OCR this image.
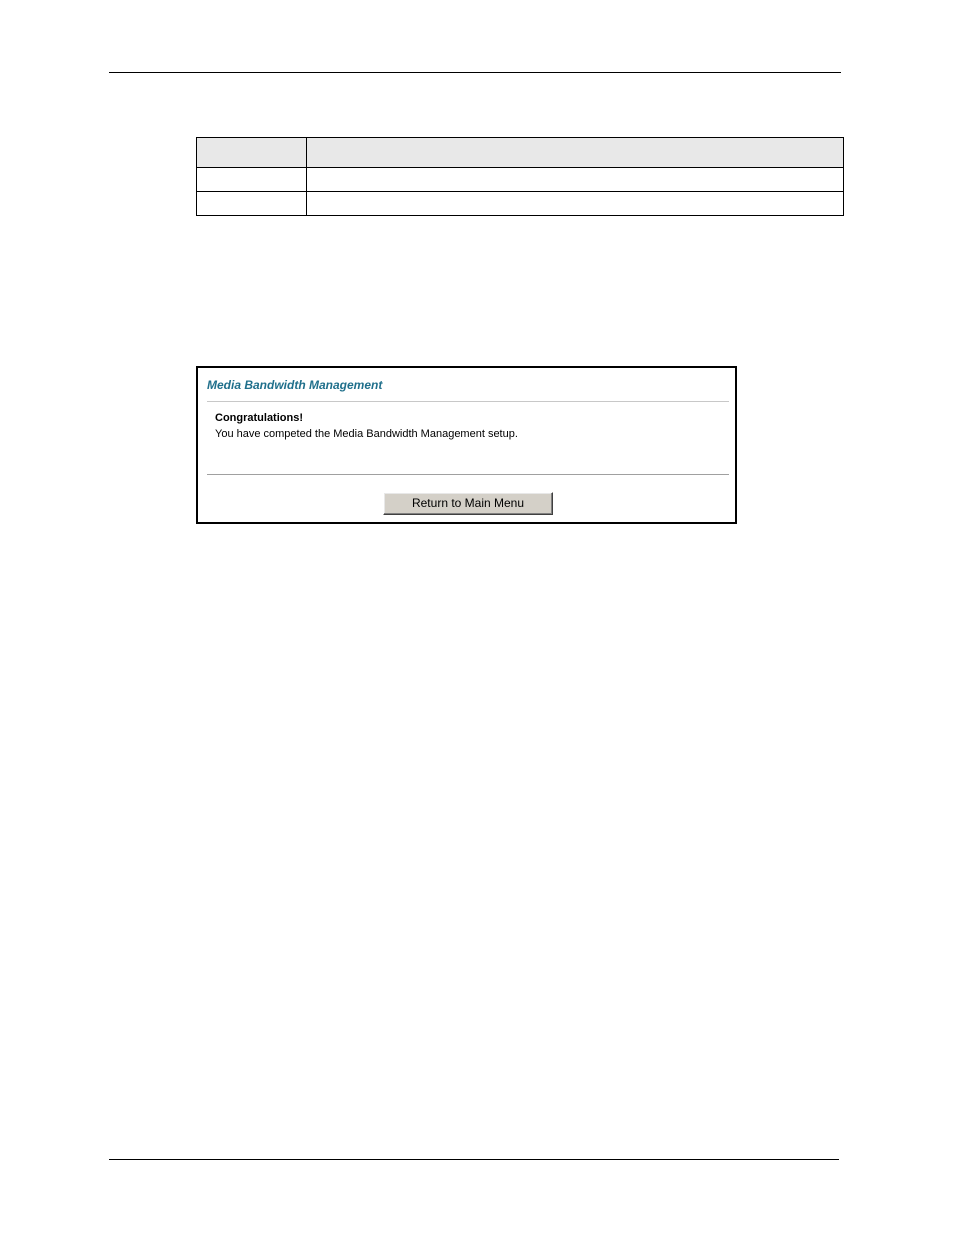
Media Bandwidth Management
Congratulations!
You have competed the Media Bandwidth Management setup.
Return to Main Menu
